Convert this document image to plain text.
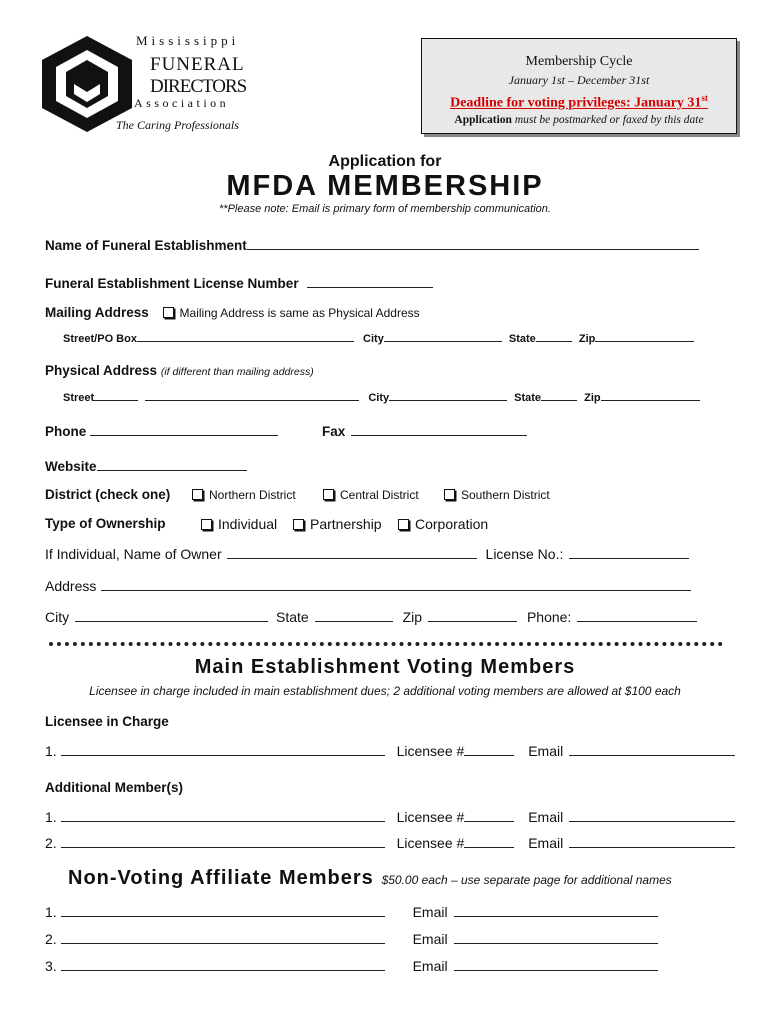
Mississippi
FUNERAL
DIRECTORS
Association
The Caring Professionals
Membership Cycle
January 1st – December 31st
Deadline for voting privileges: January 31st
Application must be postmarked or faxed by this date
Application for
MFDA MEMBERSHIP
**Please note: Email is primary form of membership communication.
Name of Funeral Establishment
Funeral Establishment License Number
Mailing Address	Mailing Address is same as Physical Address
Street/PO Box	City	State	Zip
Physical Address (if different than mailing address)
Street	City	State	Zip
Phone	Fax
Website
District (check one)	Northern District	Central District	Southern District
Type of Ownership	Individual	Partnership	Corporation
If Individual, Name of Owner	License No.:
Address
City	State	Zip	Phone:
Main Establishment Voting Members
Licensee in charge included in main establishment dues; 2 additional voting members are allowed at $100 each
Licensee in Charge
1.	Licensee #	Email
Additional Member(s)
1.	Licensee #	Email
2.	Licensee #	Email
Non-Voting Affiliate Members $50.00 each – use separate page for additional names
1.	Email
2.	Email
3.	Email
